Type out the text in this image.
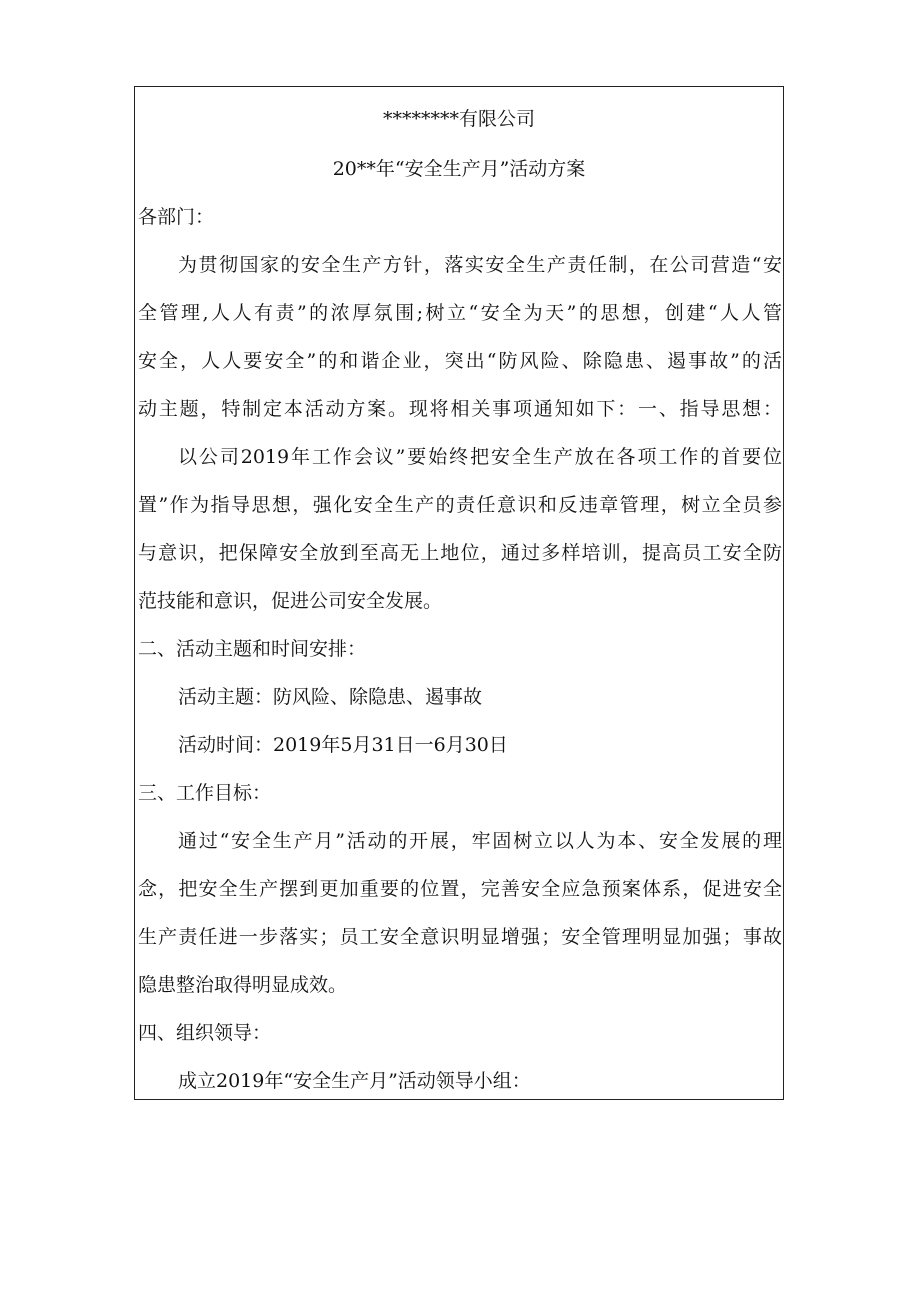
********有限公司
20**年“安全生产月”活动方案
各部门：
为贯彻国家的安全生产方针，落实安全生产责任制，在公司营造“安
全管理,人人有责”的浓厚氛围;树立“安全为天”的思想，创建“人人管
安全，人人要安全”的和谐企业，突出“防风险、除隐患、遏事故”的活
动主题，特制定本活动方案。现将相关事项通知如下：一、指导思想：
以公司2019年工作会议”要始终把安全生产放在各项工作的首要位
置”作为指导思想，强化安全生产的责任意识和反违章管理，树立全员参
与意识，把保障安全放到至高无上地位，通过多样培训，提高员工安全防
范技能和意识，促进公司安全发展。
二、活动主题和时间安排：
活动主题：防风险、除隐患、遏事故
活动时间：2019年5月31日一6月30日
三、工作目标：
通过“安全生产月”活动的开展，牢固树立以人为本、安全发展的理
念，把安全生产摆到更加重要的位置，完善安全应急预案体系，促进安全
生产责任进一步落实；员工安全意识明显增强；安全管理明显加强；事故
隐患整治取得明显成效。
四、组织领导：
成立2019年“安全生产月”活动领导小组：
